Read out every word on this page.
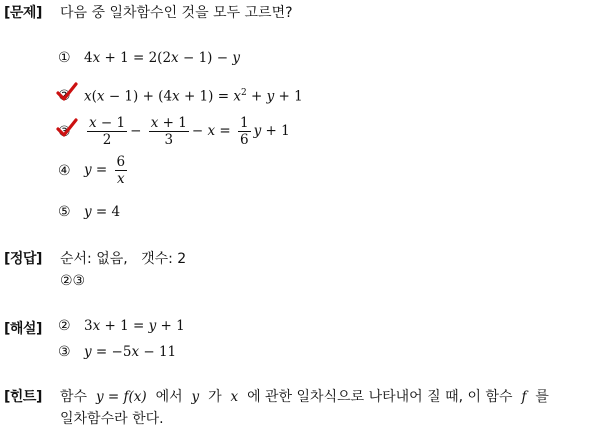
[문제] 다음 중 일차함수인 것을 모두 고르면?
① 4x + 1 = 2(2x − 1) − y
② $x(x - 1) + (4x + 1) = x^2 + y + 1$
③	$\frac{x - 1}{2} - \frac{x + 1}{3} - x = \frac{1}{6}$ y + 1
④ $y = \frac{6}{x}$
⑤ y = 4
[정답] 순서: 없음,   갯수: 2
②③
[해설] ② 3x + 1 = y + 1
③ y = −5x − 11
[힌트] 함수 y = f(x) 에서 y 가 x 에 관한 일차식으로 나타내어 질 때, 이 함수 f 를
일차함수라 한다.
